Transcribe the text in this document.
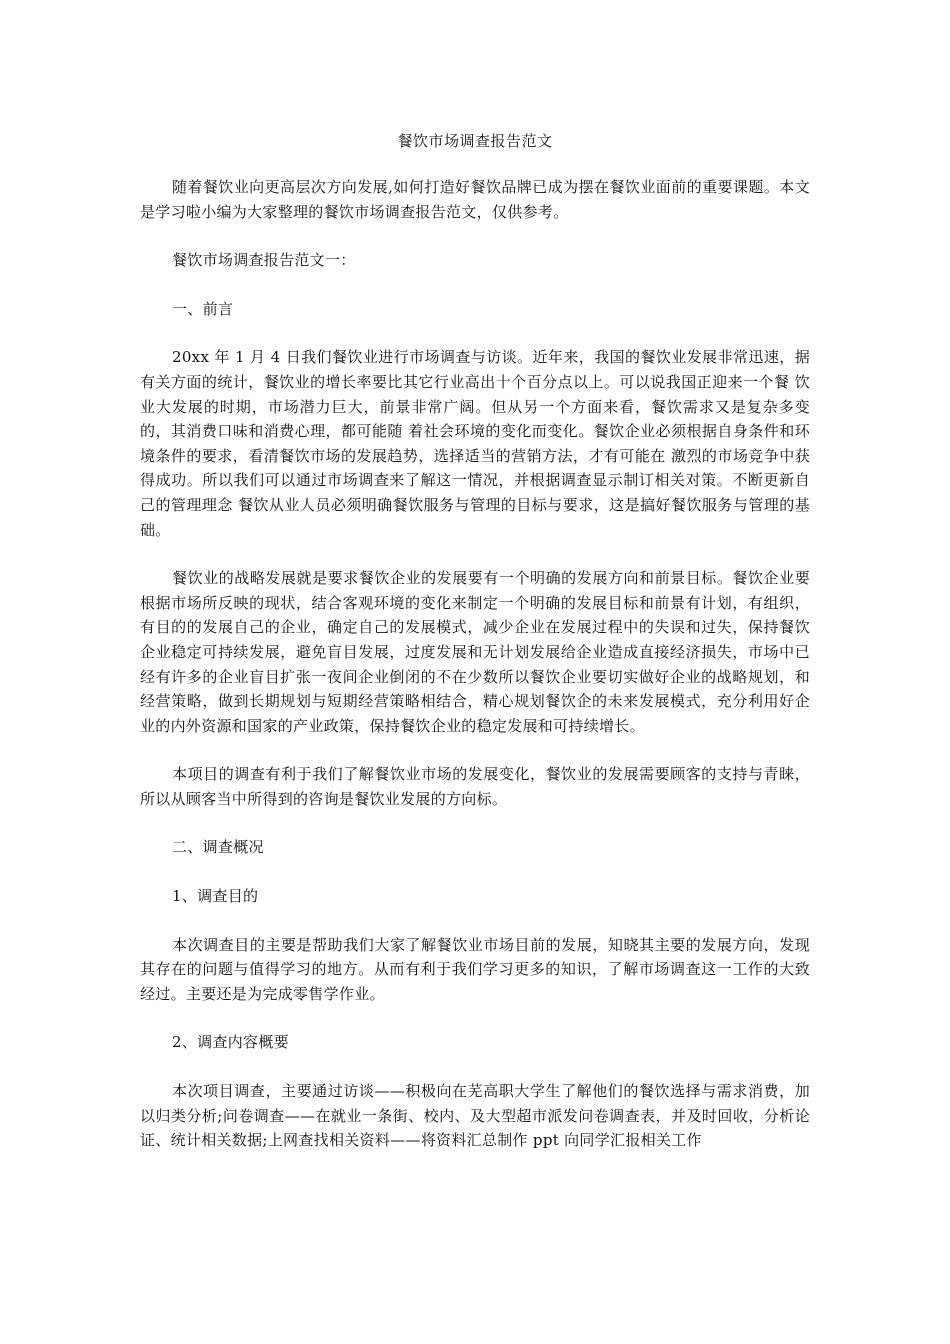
餐饮市场调查报告范文
随着餐饮业向更高层次方向发展,如何打造好餐饮品牌已成为摆在餐饮业面前的重要课题。本文是学习啦小编为大家整理的餐饮市场调查报告范文，仅供参考。
餐饮市场调查报告范文一：
一、前言
20xx 年 1 月 4 日我们餐饮业进行市场调查与访谈。近年来，我国的餐饮业发展非常迅速，据有关方面的统计，餐饮业的增长率要比其它行业高出十个百分点以上。可以说我国正迎来一个餐 饮业大发展的时期，市场潜力巨大，前景非常广阔。但从另一个方面来看，餐饮需求又是复杂多变的，其消费口味和消费心理，都可能随 着社会环境的变化而变化。餐饮企业必须根据自身条件和环境条件的要求，看清餐饮市场的发展趋势，选择适当的营销方法，才有可能在 激烈的市场竞争中获得成功。所以我们可以通过市场调查来了解这一情况，并根据调查显示制订相关对策。不断更新自己的管理理念 餐饮从业人员必须明确餐饮服务与管理的目标与要求，这是搞好餐饮服务与管理的基础。
餐饮业的战略发展就是要求餐饮企业的发展要有一个明确的发展方向和前景目标。餐饮企业要根据市场所反映的现状，结合客观环境的变化来制定一个明确的发展目标和前景有计划，有组织，有目的的发展自己的企业，确定自己的发展模式，减少企业在发展过程中的失误和过失，保持餐饮企业稳定可持续发展，避免盲目发展，过度发展和无计划发展给企业造成直接经济损失，市场中已经有许多的企业盲目扩张一夜间企业倒闭的不在少数所以餐饮企业要切实做好企业的战略规划，和经营策略，做到长期规划与短期经营策略相结合，精心规划餐饮企的未来发展模式，充分利用好企业的内外资源和国家的产业政策，保持餐饮企业的稳定发展和可持续增长。
本项目的调查有利于我们了解餐饮业市场的发展变化，餐饮业的发展需要顾客的支持与青睐，所以从顾客当中所得到的咨询是餐饮业发展的方向标。
二、调查概况
1、调查目的
本次调查目的主要是帮助我们大家了解餐饮业市场目前的发展，知晓其主要的发展方向，发现其存在的问题与值得学习的地方。从而有利于我们学习更多的知识，了解市场调查这一工作的大致经过。主要还是为完成零售学作业。
2、调查内容概要
本次项目调查，主要通过访谈——积极向在芜高职大学生了解他们的餐饮选择与需求消费，加以归类分析;问卷调查——在就业一条街、校内、及大型超市派发问卷调查表，并及时回收，分析论证、统计相关数据;上网查找相关资料——将资料汇总制作 ppt 向同学汇报相关工作
